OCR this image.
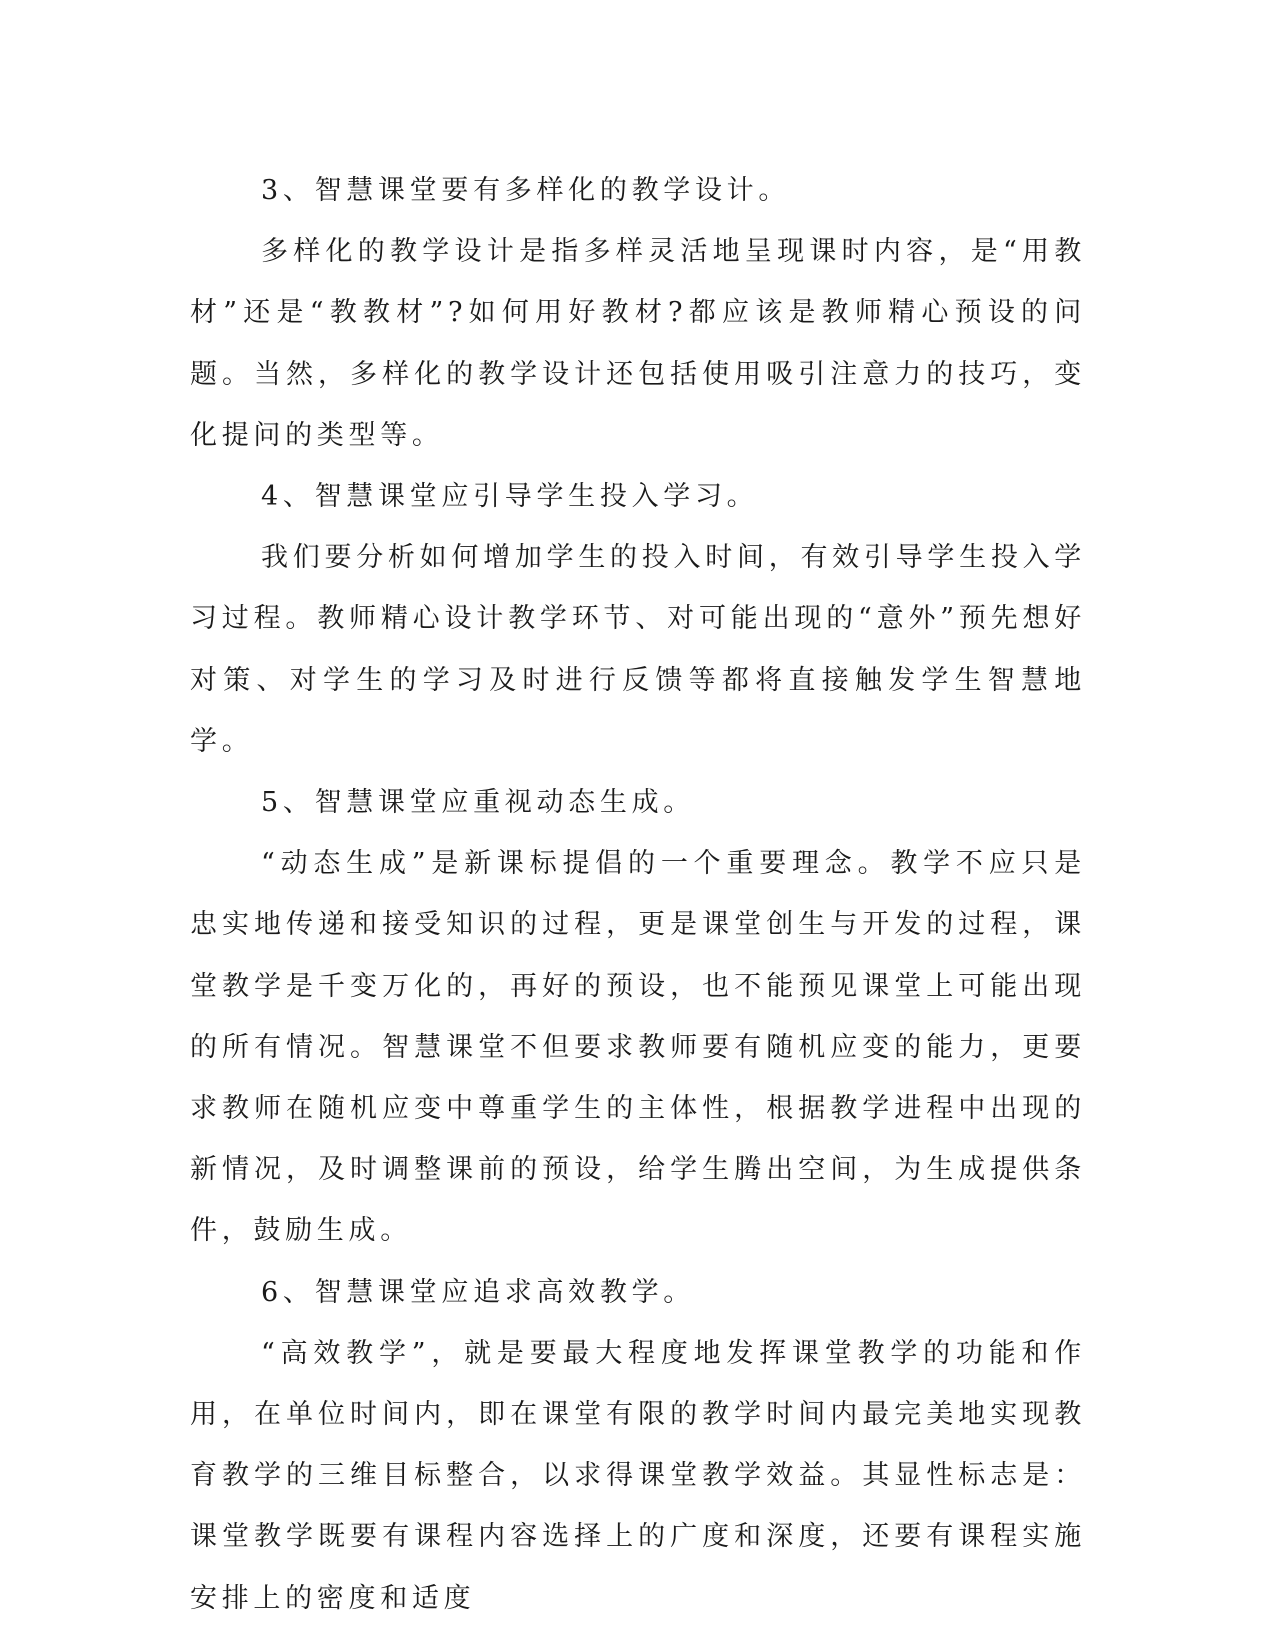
3、智慧课堂要有多样化的教学设计。

多样化的教学设计是指多样灵活地呈现课时内容，是“用教材”还是“教教材”?如何用好教材?都应该是教师精心预设的问题。当然，多样化的教学设计还包括使用吸引注意力的技巧，变化提问的类型等。

4、智慧课堂应引导学生投入学习。

我们要分析如何增加学生的投入时间，有效引导学生投入学习过程。教师精心设计教学环节、对可能出现的“意外”预先想好对策、对学生的学习及时进行反馈等都将直接触发学生智慧地学。

5、智慧课堂应重视动态生成。

“动态生成”是新课标提倡的一个重要理念。教学不应只是忠实地传递和接受知识的过程，更是课堂创生与开发的过程，课堂教学是千变万化的，再好的预设，也不能预见课堂上可能出现的所有情况。智慧课堂不但要求教师要有随机应变的能力，更要求教师在随机应变中尊重学生的主体性，根据教学进程中出现的新情况，及时调整课前的预设，给学生腾出空间，为生成提供条件，鼓励生成。

6、智慧课堂应追求高效教学。

“高效教学”，就是要最大程度地发挥课堂教学的功能和作用，在单位时间内，即在课堂有限的教学时间内最完美地实现教育教学的三维目标整合，以求得课堂教学效益。其显性标志是：课堂教学既要有课程内容选择上的广度和深度，还要有课程实施安排上的密度和适度
